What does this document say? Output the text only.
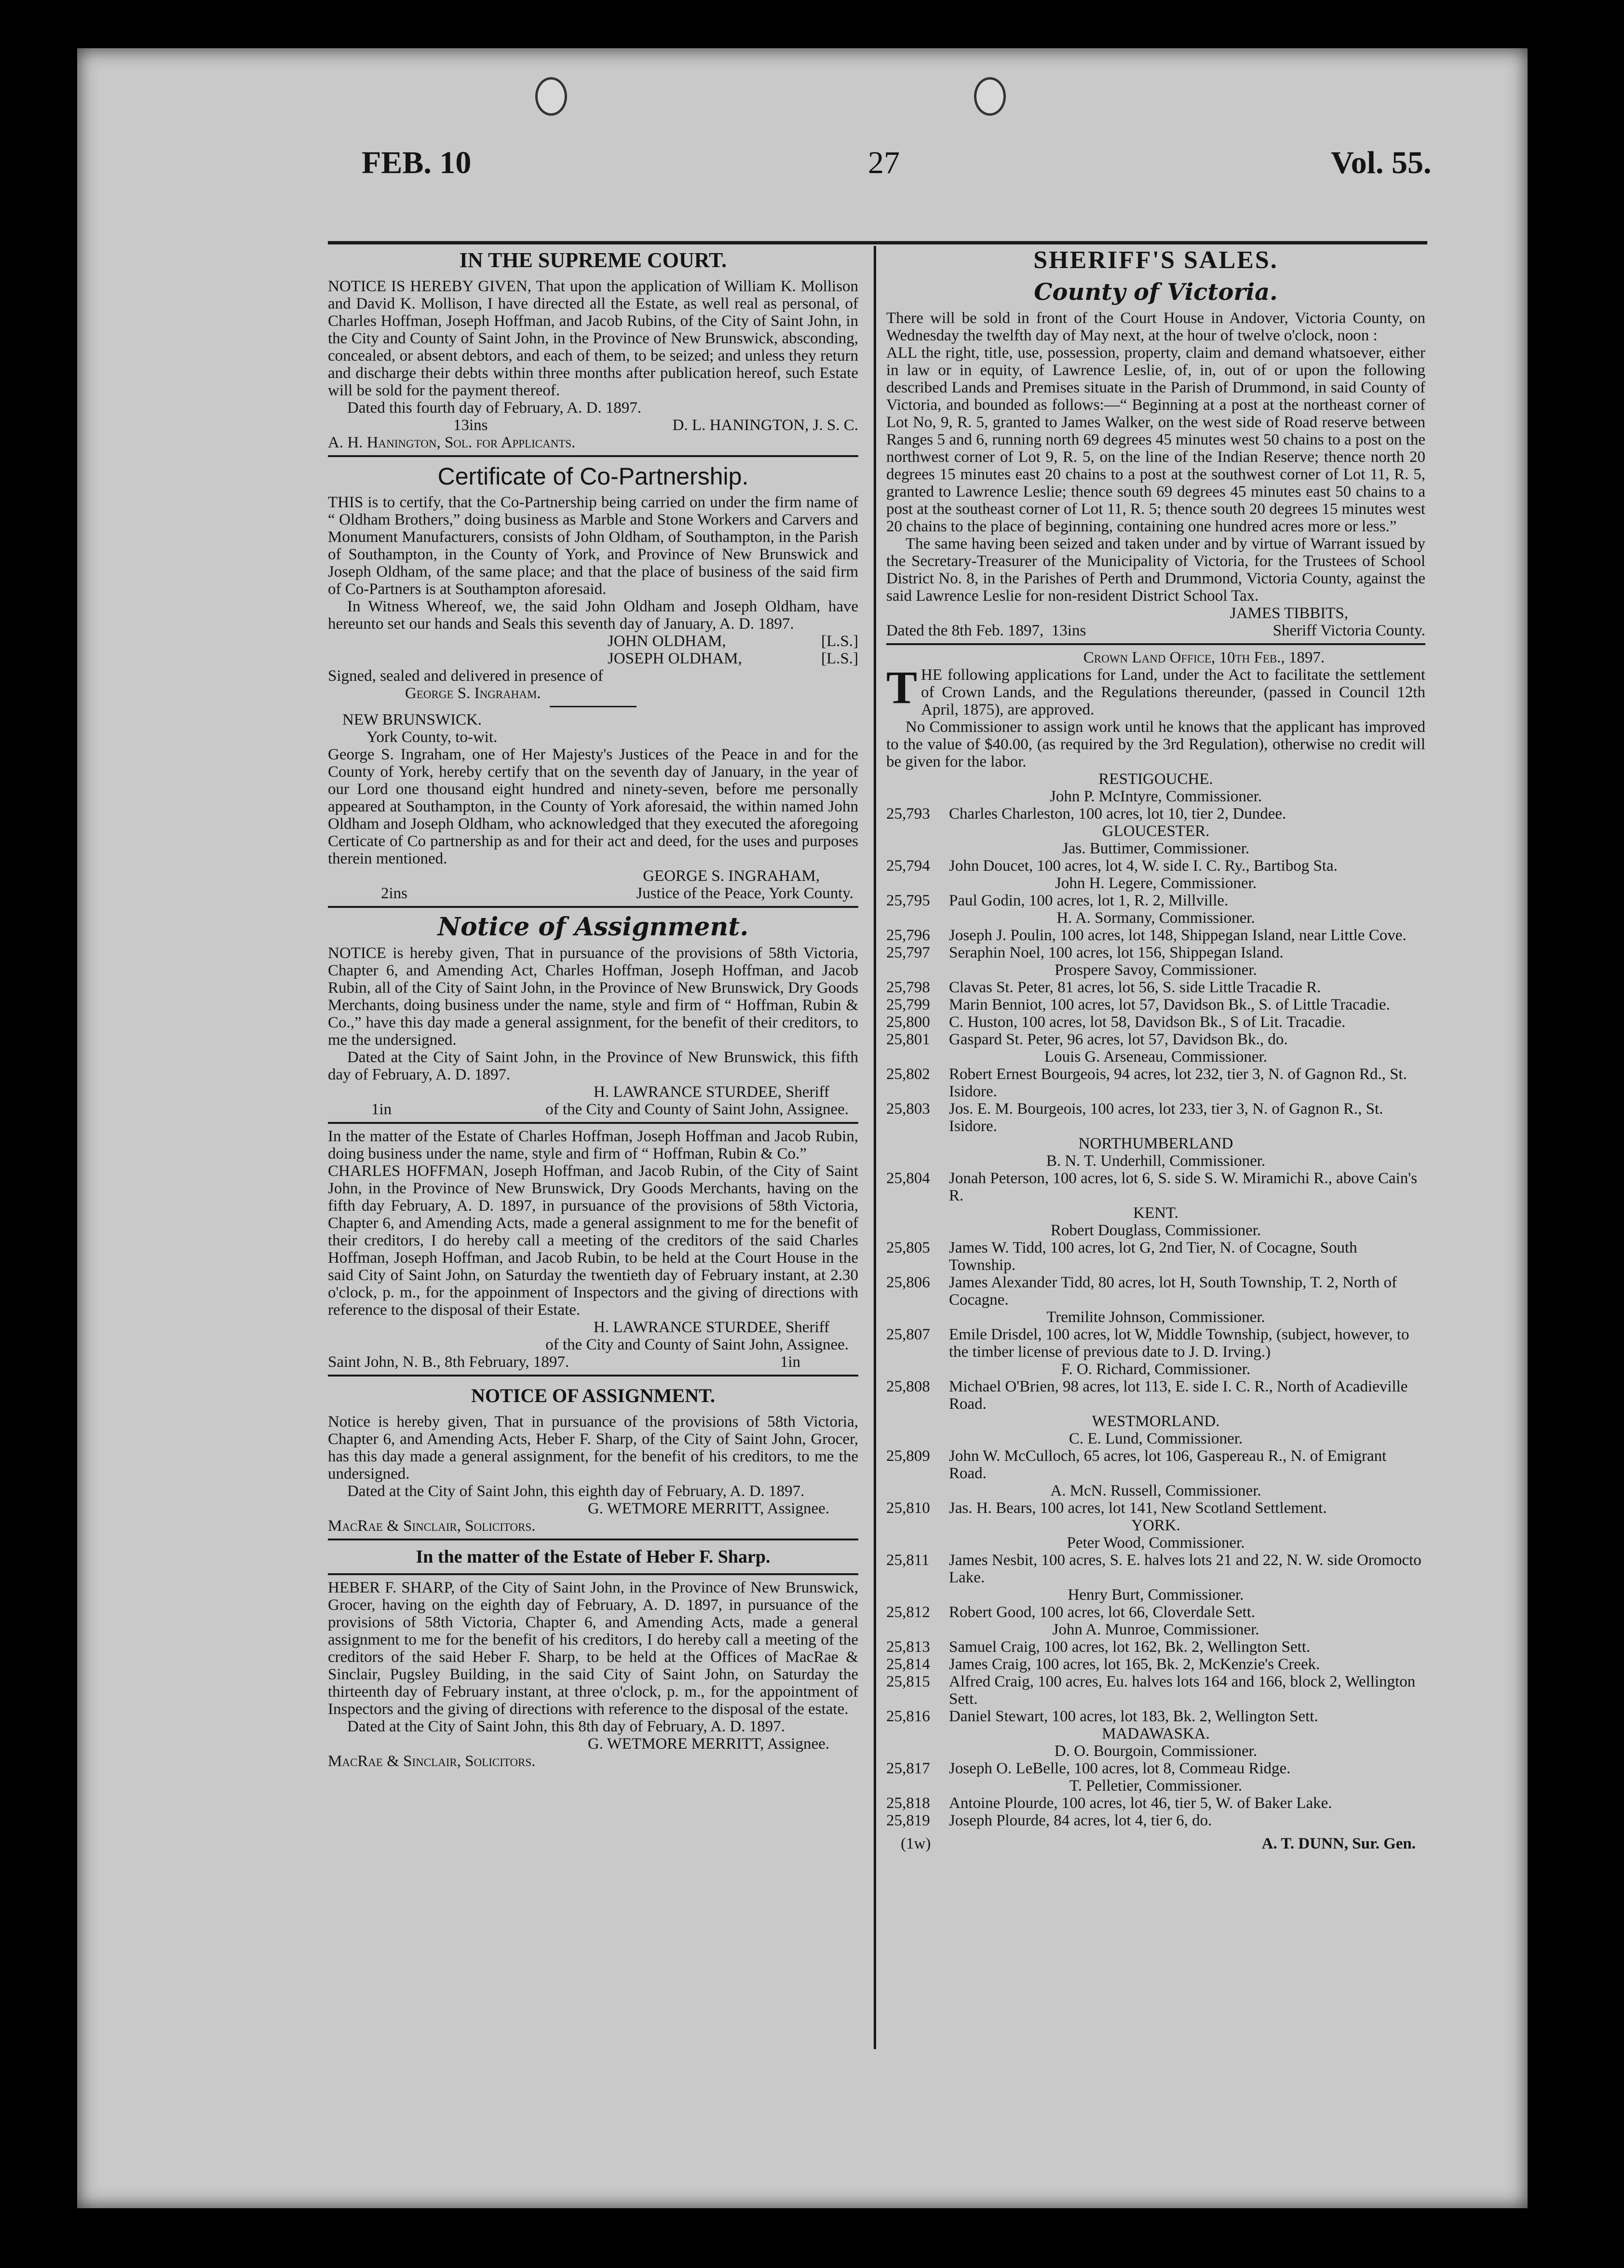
FEB. 10	27	Vol. 55.
IN THE SUPREME COURT.

NOTICE IS HEREBY GIVEN, That upon the application of William K. Mollison and David K. Mollison, I have directed all the Estate, as well real as personal, of Charles Hoffman, Joseph Hoffman, and Jacob Rubins, of the City of Saint John, in the City and County of Saint John, in the Province of New Brunswick, absconding, concealed, or absent debtors, and each of them, to be seized; and unless they return and discharge their debts within three months after publication hereof, such Estate will be sold for the payment thereof.

Dated this fourth day of February, A. D. 1897.

13ins	D. L. HANINGTON, J. S. C.

A. H. Hanington, Sol. for Applicants.

Certificate of Co-Partnership.

THIS is to certify, that the Co-Partnership being carried on under the firm name of “ Oldham Brothers,” doing business as Marble and Stone Workers and Carvers and Monument Manufacturers, consists of John Oldham, of Southampton, in the Parish of Southampton, in the County of York, and Province of New Brunswick and Joseph Oldham, of the same place; and that the place of business of the said firm of Co-Partners is at Southampton aforesaid.

In Witness Whereof, we, the said John Oldham and Joseph Oldham, have hereunto set our hands and Seals this seventh day of January, A. D. 1897.

JOHN OLDHAM,	[L.S.]
JOSEPH OLDHAM,	[L.S.]

Signed, sealed and delivered in presence of

George S. Ingraham.

NEW BRUNSWICK.

York County, to-wit.

George S. Ingraham, one of Her Majesty's Justices of the Peace in and for the County of York, hereby certify that on the seventh day of January, in the year of our Lord one thousand eight hundred and ninety-seven, before me personally appeared at Southampton, in the County of York aforesaid, the within named John Oldham and Joseph Oldham, who acknowledged that they executed the aforegoing Certicate of Co partnership as and for their act and deed, for the uses and purposes therein mentioned.

GEORGE S. INGRAHAM,

2ins	Justice of the Peace, York County.
Notice of Assignment.

NOTICE is hereby given, That in pursuance of the provisions of 58th Victoria, Chapter 6, and Amending Act, Charles Hoffman, Joseph Hoffman, and Jacob Rubin, all of the City of Saint John, in the Province of New Brunswick, Dry Goods Merchants, doing business under the name, style and firm of “ Hoffman, Rubin & Co.,” have this day made a general assignment, for the benefit of their creditors, to me the undersigned.

Dated at the City of Saint John, in the Province of New Brunswick, this fifth day of February, A. D. 1897.

H. LAWRANCE STURDEE, Sheriff

1in	of the City and County of Saint John, Assignee.

In the matter of the Estate of Charles Hoffman, Joseph Hoffman and Jacob Rubin, doing business under the name, style and firm of “ Hoffman, Rubin & Co.”

CHARLES HOFFMAN, Joseph Hoffman, and Jacob Rubin, of the City of Saint John, in the Province of New Brunswick, Dry Goods Merchants, having on the fifth day February, A. D. 1897, in pursuance of the provisions of 58th Victoria, Chapter 6, and Amending Acts, made a general assignment to me for the benefit of their creditors, I do hereby call a meeting of the creditors of the said Charles Hoffman, Joseph Hoffman, and Jacob Rubin, to be held at the Court House in the said City of Saint John, on Saturday the twentieth day of February instant, at 2.30 o'clock, p. m., for the appoinment of Inspectors and the giving of directions with reference to the disposal of their Estate.

H. LAWRANCE STURDEE, Sheriff

of the City and County of Saint John, Assignee.

Saint John, N. B., 8th February, 1897.	1in
NOTICE OF ASSIGNMENT.

Notice is hereby given, That in pursuance of the provisions of 58th Victoria, Chapter 6, and Amending Acts, Heber F. Sharp, of the City of Saint John, Grocer, has this day made a general assignment, for the benefit of his creditors, to me the undersigned.

Dated at the City of Saint John, this eighth day of February, A. D. 1897.

G. WETMORE MERRITT, Assignee.

MacRae & Sinclair, Solicitors.

In the matter of the Estate of Heber F. Sharp.

HEBER F. SHARP, of the City of Saint John, in the Province of New Brunswick, Grocer, having on the eighth day of February, A. D. 1897, in pursuance of the provisions of 58th Victoria, Chapter 6, and Amending Acts, made a general assignment to me for the benefit of his creditors, I do hereby call a meeting of the creditors of the said Heber F. Sharp, to be held at the Offices of MacRae & Sinclair, Pugsley Building, in the said City of Saint John, on Saturday the thirteenth day of February instant, at three o'clock, p. m., for the appointment of Inspectors and the giving of directions with reference to the disposal of the estate.

Dated at the City of Saint John, this 8th day of February, A. D. 1897.

G. WETMORE MERRITT, Assignee.

MacRae & Sinclair, Solicitors.

SHERIFF'S SALES.
County of Victoria.

There will be sold in front of the Court House in Andover, Victoria County, on Wednesday the twelfth day of May next, at the hour of twelve o'clock, noon :

ALL the right, title, use, possession, property, claim and demand whatsoever, either in law or in equity, of Lawrence Leslie, of, in, out of or upon the following described Lands and Premises situate in the Parish of Drummond, in said County of Victoria, and bounded as follows:—“ Beginning at a post at the northeast corner of Lot No, 9, R. 5, granted to James Walker, on the west side of Road reserve between Ranges 5 and 6, running north 69 degrees 45 minutes west 50 chains to a post on the northwest corner of Lot 9, R. 5, on the line of the Indian Reserve; thence north 20 degrees 15 minutes east 20 chains to a post at the southwest corner of Lot 11, R. 5, granted to Lawrence Leslie; thence south 69 degrees 45 minutes east 50 chains to a post at the southeast corner of Lot 11, R. 5; thence south 20 degrees 15 minutes west 20 chains to the place of beginning, containing one hundred acres more or less.”

The same having been seized and taken under and by virtue of Warrant issued by the Secretary-Treasurer of the Municipality of Victoria, for the Trustees of School District No. 8, in the Parishes of Perth and Drummond, Victoria County, against the said Lawrence Leslie for non-resident District School Tax.

JAMES TIBBITS,

Dated the 8th Feb. 1897, 13ins	Sheriff Victoria County.

Crown Land Office, 10th Feb., 1897.

THE following applications for Land, under the Act to facilitate the settlement of Crown Lands, and the Regulations thereunder, (passed in Council 12th April, 1875), are approved.

No Commissioner to assign work until he knows that the applicant has improved to the value of $40.00, (as required by the 3rd Regulation), otherwise no credit will be given for the labor.

RESTIGOUCHE.
John P. McIntyre, Commissioner.
25,793	Charles Charleston, 100 acres, lot 10, tier 2, Dundee.
GLOUCESTER.
Jas. Buttimer, Commissioner.
25,794	John Doucet, 100 acres, lot 4, W. side I. C. Ry., Bartibog Sta.
John H. Legere, Commissioner.
25,795	Paul Godin, 100 acres, lot 1, R. 2, Millville.
H. A. Sormany, Commissioner.
25,796	Joseph J. Poulin, 100 acres, lot 148, Shippegan Island, near Little Cove.
25,797	Seraphin Noel, 100 acres, lot 156, Shippegan Island.
Prospere Savoy, Commissioner.
25,798	Clavas St. Peter, 81 acres, lot 56, S. side Little Tracadie R.
25,799	Marin Benniot, 100 acres, lot 57, Davidson Bk., S. of Little Tracadie.
25,800	C. Huston, 100 acres, lot 58, Davidson Bk., S of Lit. Tracadie.
25,801	Gaspard St. Peter, 96 acres, lot 57, Davidson Bk., do.
Louis G. Arseneau, Commissioner.
25,802	Robert Ernest Bourgeois, 94 acres, lot 232, tier 3, N. of Gagnon Rd., St. Isidore.
25,803	Jos. E. M. Bourgeois, 100 acres, lot 233, tier 3, N. of Gagnon R., St. Isidore.
NORTHUMBERLAND
B. N. T. Underhill, Commissioner.
25,804	Jonah Peterson, 100 acres, lot 6, S. side S. W. Miramichi R., above Cain's R.
KENT.
Robert Douglass, Commissioner.
25,805	James W. Tidd, 100 acres, lot G, 2nd Tier, N. of Cocagne, South Township.
25,806	James Alexander Tidd, 80 acres, lot H, South Township, T. 2, North of Cocagne.
Tremilite Johnson, Commissioner.
25,807	Emile Drisdel, 100 acres, lot W, Middle Township, (subject, however, to the timber license of previous date to J. D. Irving.)
F. O. Richard, Commissioner.
25,808	Michael O'Brien, 98 acres, lot 113, E. side I. C. R., North of Acadieville Road.
WESTMORLAND.
C. E. Lund, Commissioner.
25,809	John W. McCulloch, 65 acres, lot 106, Gaspereau R., N. of Emigrant Road.
A. McN. Russell, Commissioner.
25,810	Jas. H. Bears, 100 acres, lot 141, New Scotland Settlement.
YORK.
Peter Wood, Commissioner.
25,811	James Nesbit, 100 acres, S. E. halves lots 21 and 22, N. W. side Oromocto Lake.
Henry Burt, Commissioner.
25,812	Robert Good, 100 acres, lot 66, Cloverdale Sett.
John A. Munroe, Commissioner.
25,813	Samuel Craig, 100 acres, lot 162, Bk. 2, Wellington Sett.
25,814	James Craig, 100 acres, lot 165, Bk. 2, McKenzie's Creek.
25,815	Alfred Craig, 100 acres, Eu. halves lots 164 and 166, block 2, Wellington Sett.
25,816	Daniel Stewart, 100 acres, lot 183, Bk. 2, Wellington Sett.
MADAWASKA.
D. O. Bourgoin, Commissioner.
25,817	Joseph O. LeBelle, 100 acres, lot 8, Commeau Ridge.
T. Pelletier, Commissioner.
25,818	Antoine Plourde, 100 acres, lot 46, tier 5, W. of Baker Lake.
25,819	Joseph Plourde, 84 acres, lot 4, tier 6, do.
(1w)	A. T. DUNN, Sur. Gen.
